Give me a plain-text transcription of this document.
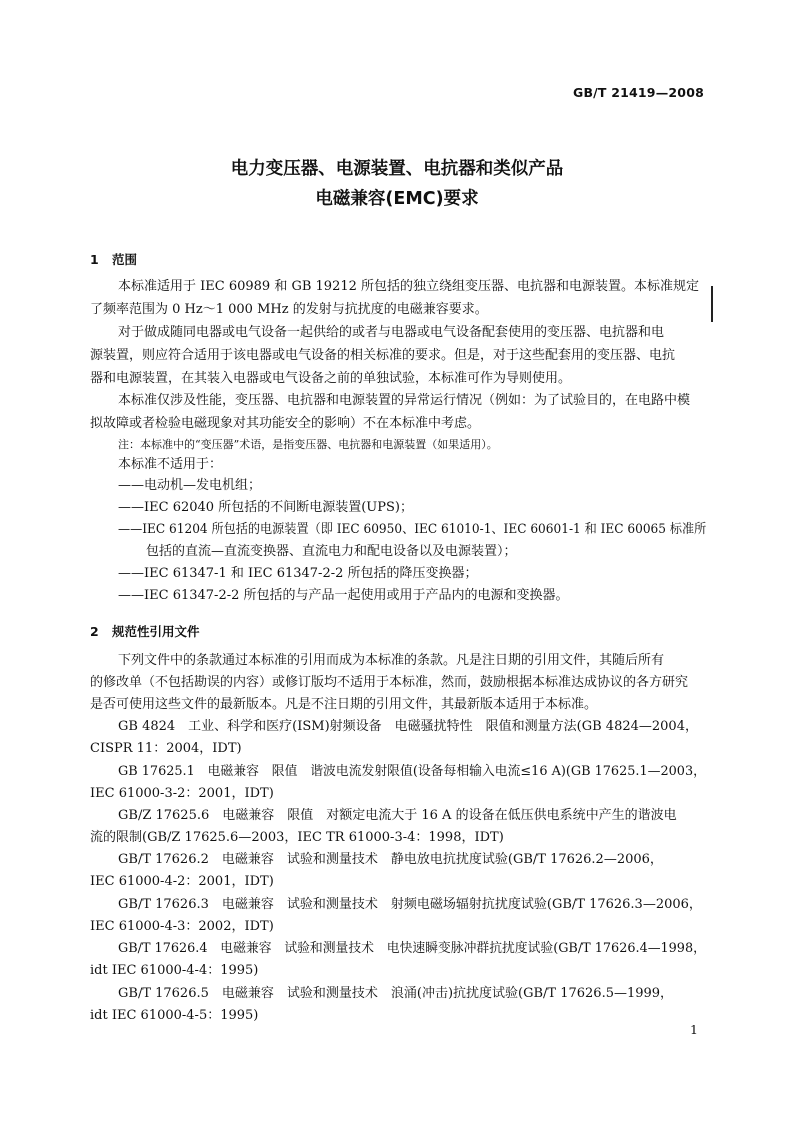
GB/T 21419—2008
电力变压器、电源装置、电抗器和类似产品
电磁兼容(EMC)要求
1 范围
本标准适用于 IEC 60989 和 GB 19212 所包括的独立绕组变压器、电抗器和电源装置。本标准规定
了频率范围为 0 Hz～1 000 MHz 的发射与抗扰度的电磁兼容要求。
对于做成随同电器或电气设备一起供给的或者与电器或电气设备配套使用的变压器、电抗器和电
源装置，则应符合适用于该电器或电气设备的相关标准的要求。但是，对于这些配套用的变压器、电抗
器和电源装置，在其装入电器或电气设备之前的单独试验，本标准可作为导则使用。
本标准仅涉及性能，变压器、电抗器和电源装置的异常运行情况（例如：为了试验目的，在电路中模
拟故障或者检验电磁现象对其功能安全的影响）不在本标准中考虑。
注：本标准中的“变压器”术语，是指变压器、电抗器和电源装置（如果适用）。
本标准不适用于：
——电动机—发电机组；
——IEC 62040 所包括的不间断电源装置(UPS)；
——IEC 61204 所包括的电源装置（即 IEC 60950、IEC 61010-1、IEC 60601-1 和 IEC 60065 标准所
包括的直流—直流变换器、直流电力和配电设备以及电源装置）；
——IEC 61347-1 和 IEC 61347-2-2 所包括的降压变换器；
——IEC 61347-2-2 所包括的与产品一起使用或用于产品内的电源和变换器。
2 规范性引用文件
下列文件中的条款通过本标准的引用而成为本标准的条款。凡是注日期的引用文件，其随后所有
的修改单（不包括勘误的内容）或修订版均不适用于本标准，然而，鼓励根据本标准达成协议的各方研究
是否可使用这些文件的最新版本。凡是不注日期的引用文件，其最新版本适用于本标准。
GB 4824　工业、科学和医疗(ISM)射频设备　电磁骚扰特性　限值和测量方法(GB 4824—2004，
CISPR 11：2004，IDT)
GB 17625.1　电磁兼容　限值　谐波电流发射限值(设备每相输入电流≤16 A)(GB 17625.1—2003，
IEC 61000-3-2：2001，IDT)
GB/Z 17625.6　电磁兼容　限值　对额定电流大于 16 A 的设备在低压供电系统中产生的谐波电
流的限制(GB/Z 17625.6—2003，IEC TR 61000-3-4：1998，IDT)
GB/T 17626.2　电磁兼容　试验和测量技术　静电放电抗扰度试验(GB/T 17626.2—2006，
IEC 61000-4-2：2001，IDT)
GB/T 17626.3　电磁兼容　试验和测量技术　射频电磁场辐射抗扰度试验(GB/T 17626.3—2006，
IEC 61000-4-3：2002，IDT)
GB/T 17626.4　电磁兼容　试验和测量技术　电快速瞬变脉冲群抗扰度试验(GB/T 17626.4—1998，
idt IEC 61000-4-4：1995)
GB/T 17626.5　电磁兼容　试验和测量技术　浪涌(冲击)抗扰度试验(GB/T 17626.5—1999，
idt IEC 61000-4-5：1995)
1
